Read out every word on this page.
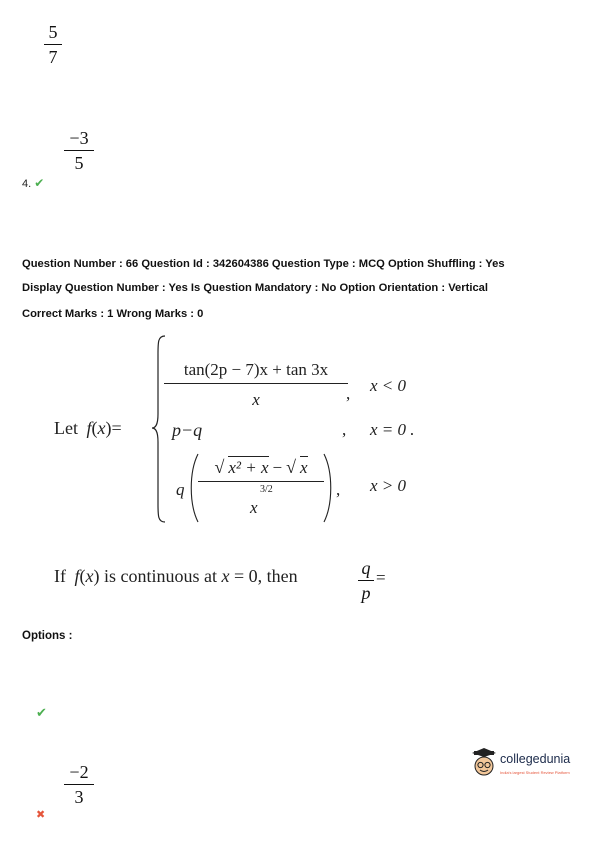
5
7
−3
5
4. ✔
Question Number : 66 Question Id : 342604386 Question Type : MCQ Option Shuffling : Yes
Display Question Number : Yes Is Question Mandatory : No Option Orientation : Vertical
Correct Marks : 1 Wrong Marks : 0
Let f(x)=
tan(2p − 7)x + tan 3x
x	, x < 0
p−q	, x = 0 .
q
√ x² + x − √ x
x
3/2	, x > 0
If f(x) is continuous at x = 0, then	q
p
=
Options :
✔
−2
3
✖
collegedunia
India's largest Student Review Platform
